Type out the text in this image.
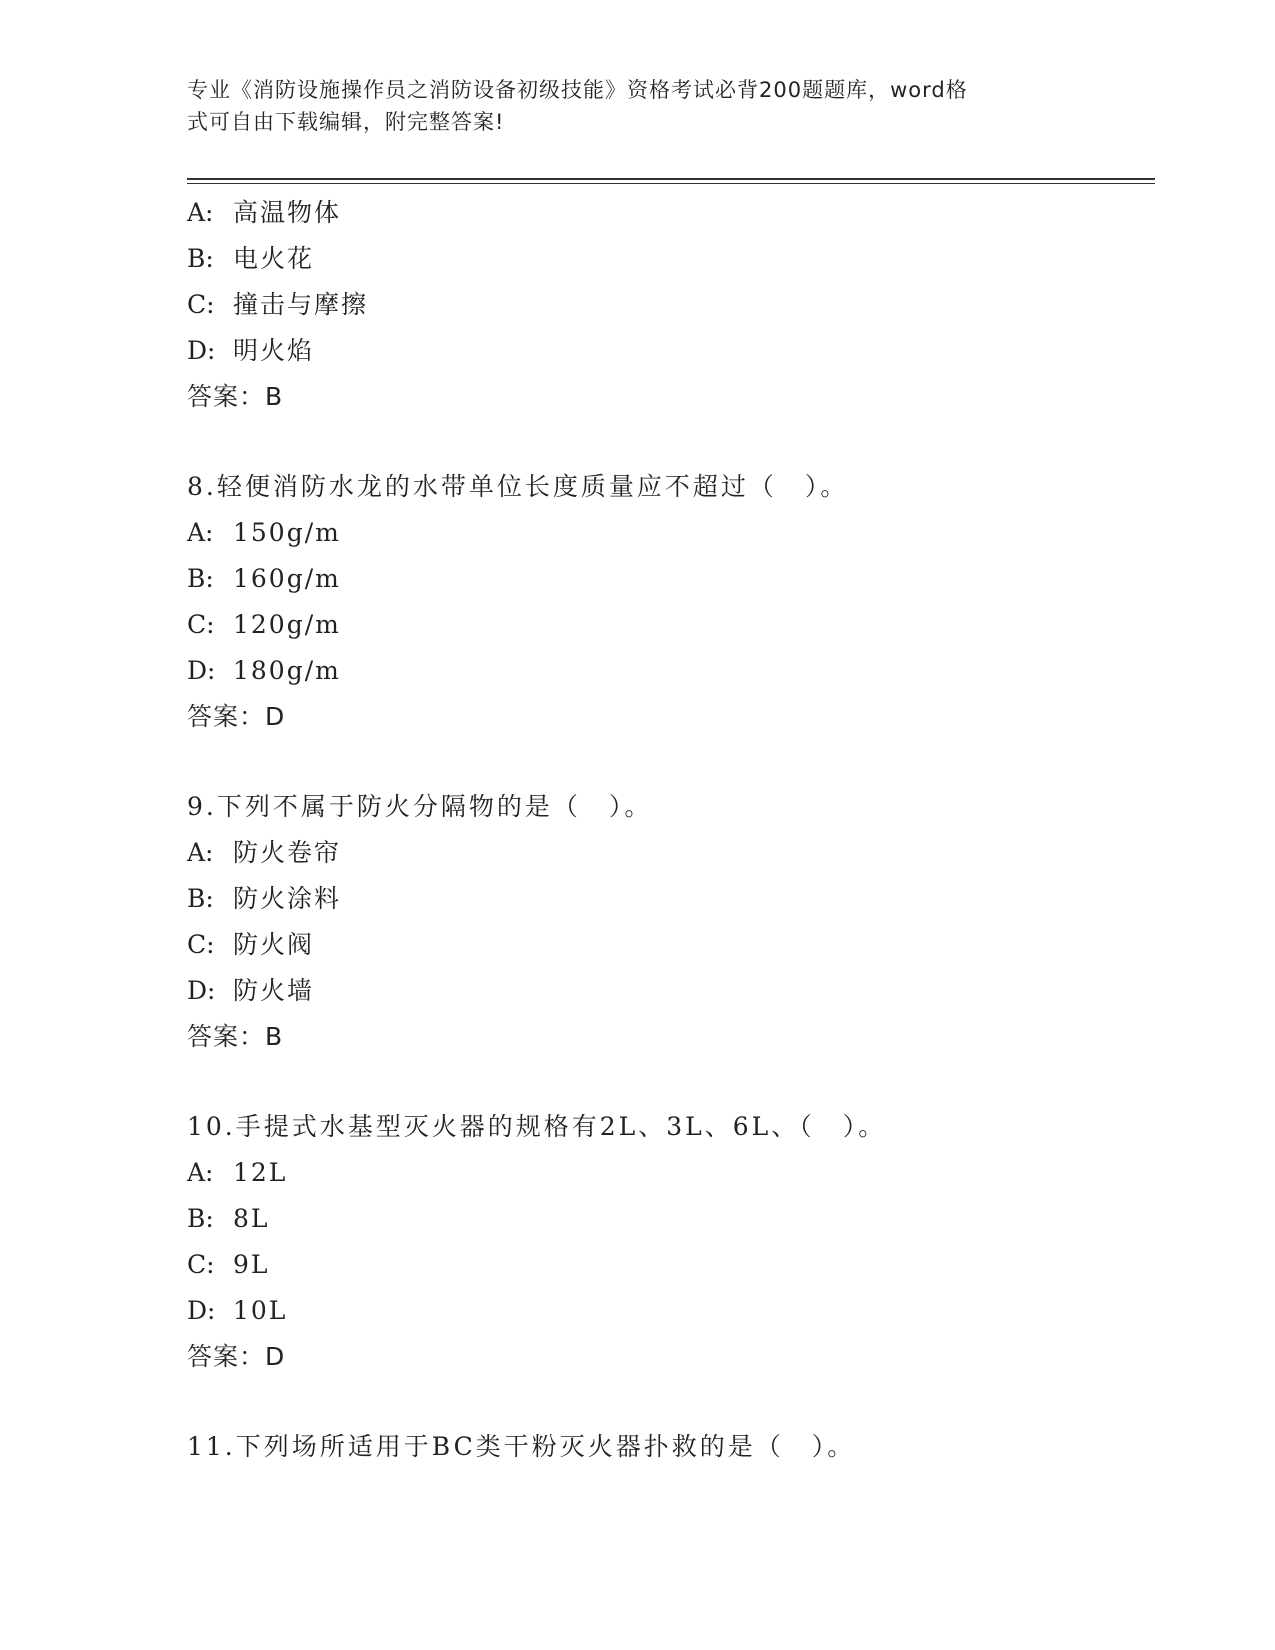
专业《消防设施操作员之消防设备初级技能》资格考试必背200题题库，word格
式可自由下载编辑，附完整答案!
A: 高温物体
B: 电火花
C: 撞击与摩擦
D: 明火焰
答案：B
8.轻便消防水龙的水带单位长度质量应不超过（　）。
A: 150g/m
B: 160g/m
C: 120g/m
D: 180g/m
答案：D
9.下列不属于防火分隔物的是（　）。
A: 防火卷帘
B: 防火涂料
C: 防火阀
D: 防火墙
答案：B
10.手提式水基型灭火器的规格有2L、3L、6L、（　）。
A: 12L
B: 8L
C: 9L
D: 10L
答案：D
11.下列场所适用于BC类干粉灭火器扑救的是（　）。
